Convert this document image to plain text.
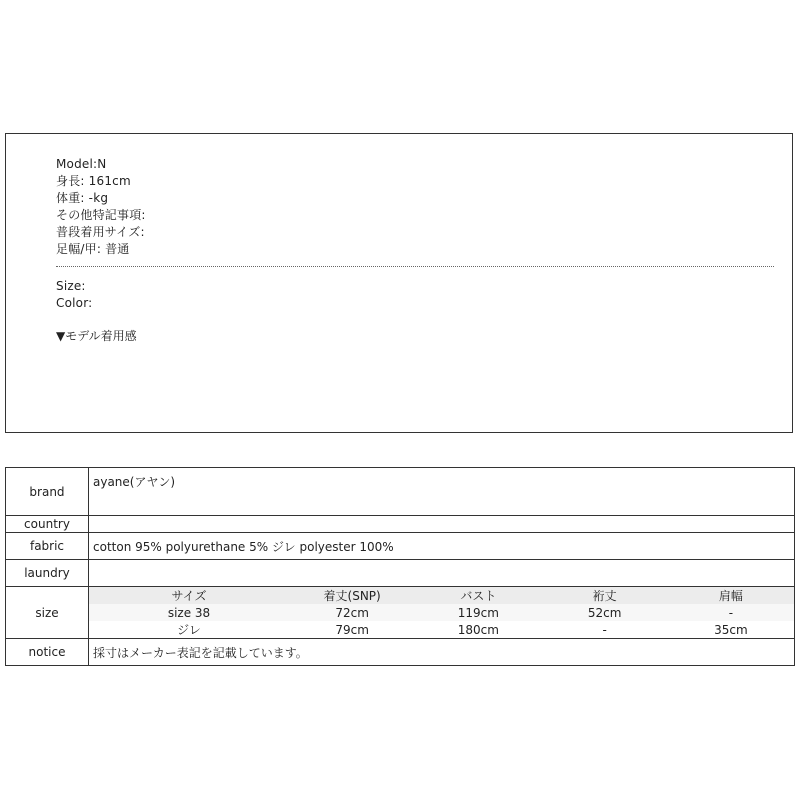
Model:N
身長: 161cm
体重: -kg
その他特記事項:
普段着用サイズ:
足幅/甲: 普通
Size:
Color:
▼モデル着用感
brand	ayane(アヤン)
country	
fabric	cotton 95% polyurethane 5% ジレ polyester 100%
laundry	
size	
サイズ	着丈(SNP)	バスト	裄丈	肩幅
size 38	72cm	119cm	52cm	-
ジレ	79cm	180cm	-	35cm

notice	採寸はメーカー表記を記載しています。
